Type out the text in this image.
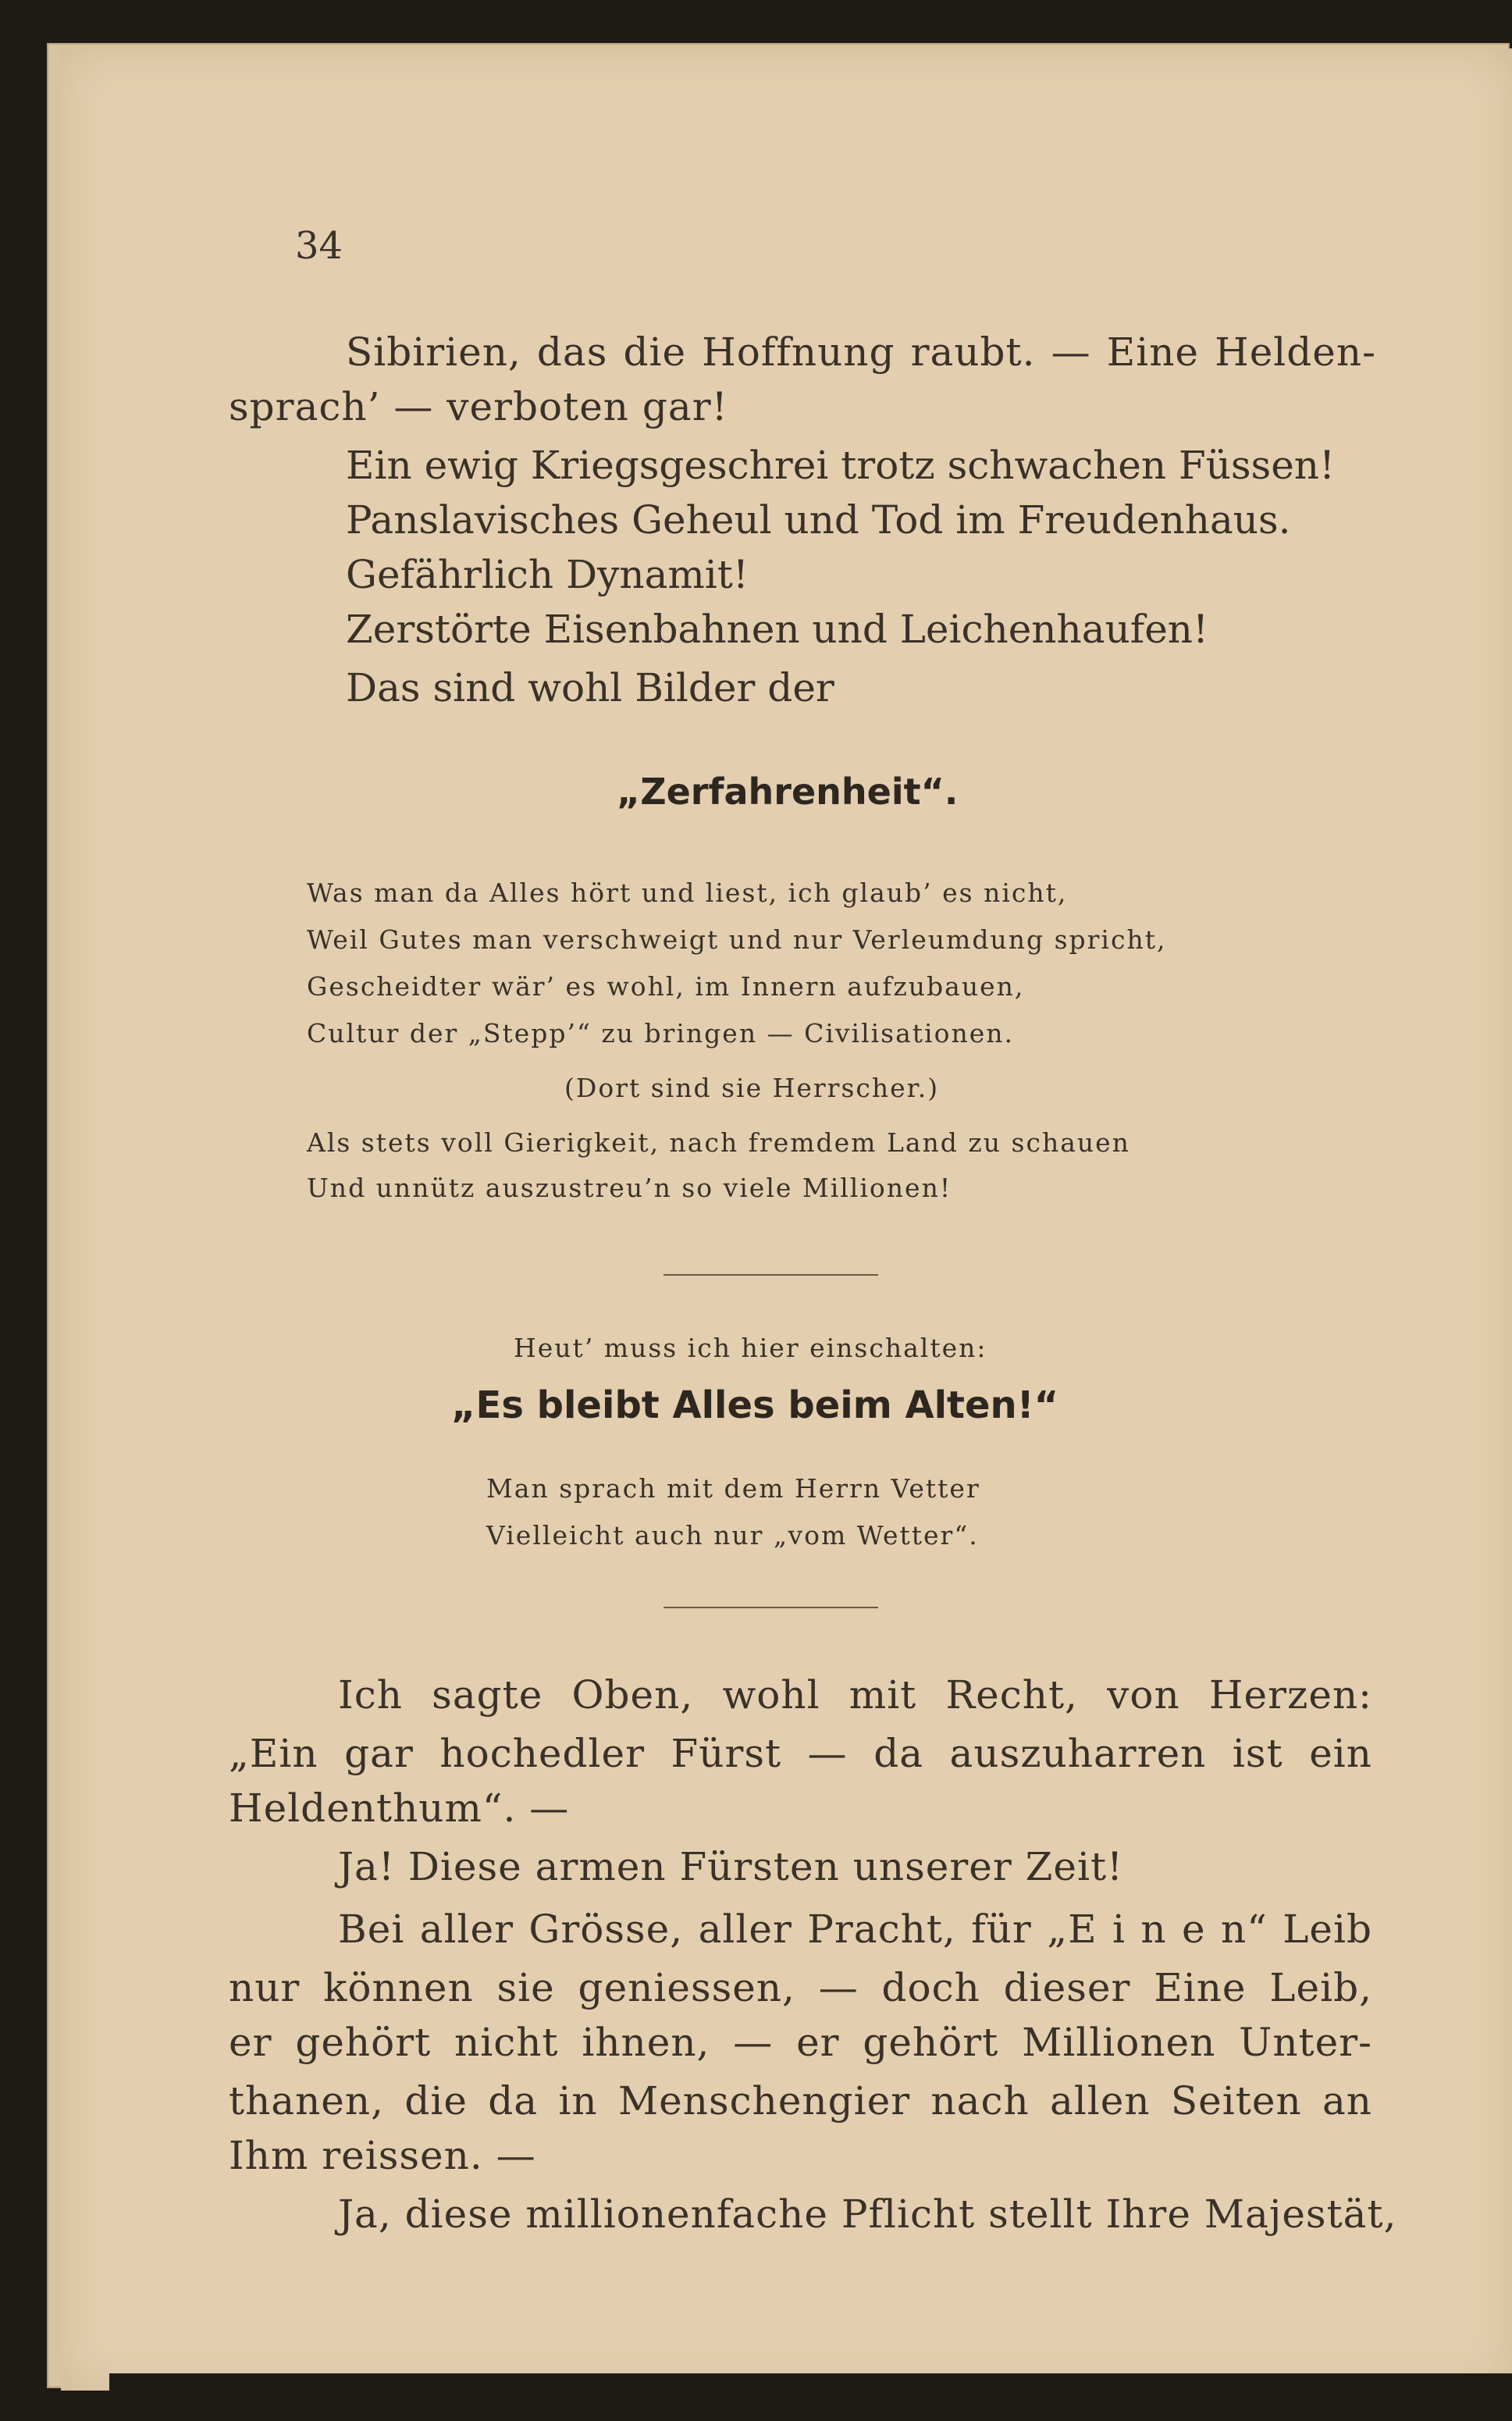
34
Sibirien, das die Hoffnung raubt. — Eine Helden-
sprach’ — verboten gar!
Ein ewig Kriegsgeschrei trotz schwachen Füssen!
Panslavisches Geheul und Tod im Freudenhaus.
Gefährlich Dynamit!
Zerstörte Eisenbahnen und Leichenhaufen!
Das sind wohl Bilder der
„Zerfahrenheit“.
Was man da Alles hört und liest, ich glaub’ es nicht,
Weil Gutes man verschweigt und nur Verleumdung spricht,
Gescheidter wär’ es wohl, im Innern aufzubauen,
Cultur der „Stepp’“ zu bringen — Civilisationen.
(Dort sind sie Herrscher.)
Als stets voll Gierigkeit, nach fremdem Land zu schauen
Und unnütz auszustreu’n so viele Millionen!
Heut’ muss ich hier einschalten:
„Es bleibt Alles beim Alten!“
Man sprach mit dem Herrn Vetter
Vielleicht auch nur „vom Wetter“.
Ich sagte Oben, wohl mit Recht, von Herzen:
„Ein gar hochedler Fürst — da auszuharren ist ein
Heldenthum“. —
Ja! Diese armen Fürsten unserer Zeit!
Bei aller Grösse, aller Pracht, für „E i n e n“ Leib
nur können sie geniessen, — doch dieser Eine Leib,
er gehört nicht ihnen, — er gehört Millionen Unter-
thanen, die da in Menschengier nach allen Seiten an
Ihm reissen. —
Ja, diese millionenfache Pflicht stellt Ihre Majestät,
